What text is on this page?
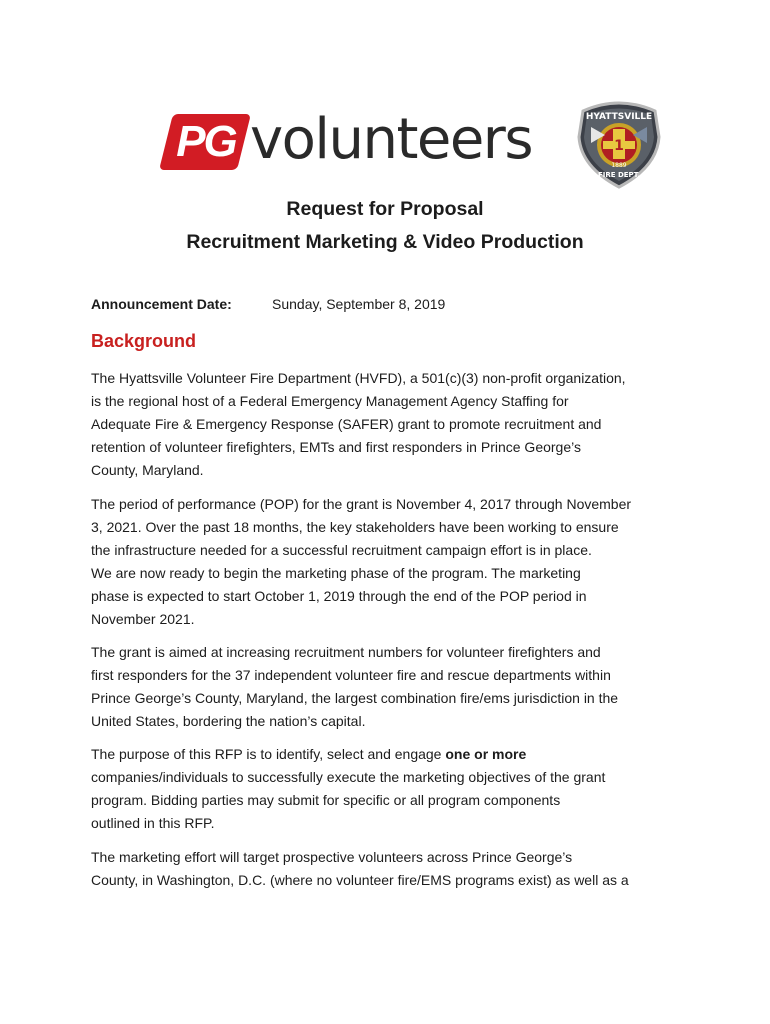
PG volunteers	1
HYATTSVILLE
FIRE DEPT.
1889
Request for Proposal
Recruitment Marketing & Video Production
Announcement Date:	Sunday, September 8, 2019
Background
The Hyattsville Volunteer Fire Department (HVFD), a 501(c)(3) non-profit organization,
is the regional host of a Federal Emergency Management Agency Staffing for
Adequate Fire & Emergency Response (SAFER) grant to promote recruitment and
retention of volunteer firefighters, EMTs and first responders in Prince George’s
County, Maryland.
The period of performance (POP) for the grant is November 4, 2017 through November
3, 2021. Over the past 18 months, the key stakeholders have been working to ensure
the infrastructure needed for a successful recruitment campaign effort is in place.
We are now ready to begin the marketing phase of the program. The marketing
phase is expected to start October 1, 2019 through the end of the POP period in
November 2021.
The grant is aimed at increasing recruitment numbers for volunteer firefighters and
first responders for the 37 independent volunteer fire and rescue departments within
Prince George’s County, Maryland, the largest combination fire/ems jurisdiction in the
United States, bordering the nation’s capital.
The purpose of this RFP is to identify, select and engage one or more
companies/individuals to successfully execute the marketing objectives of the grant
program. Bidding parties may submit for specific or all program components
outlined in this RFP.
The marketing effort will target prospective volunteers across Prince George’s
County, in Washington, D.C. (where no volunteer fire/EMS programs exist) as well as a
